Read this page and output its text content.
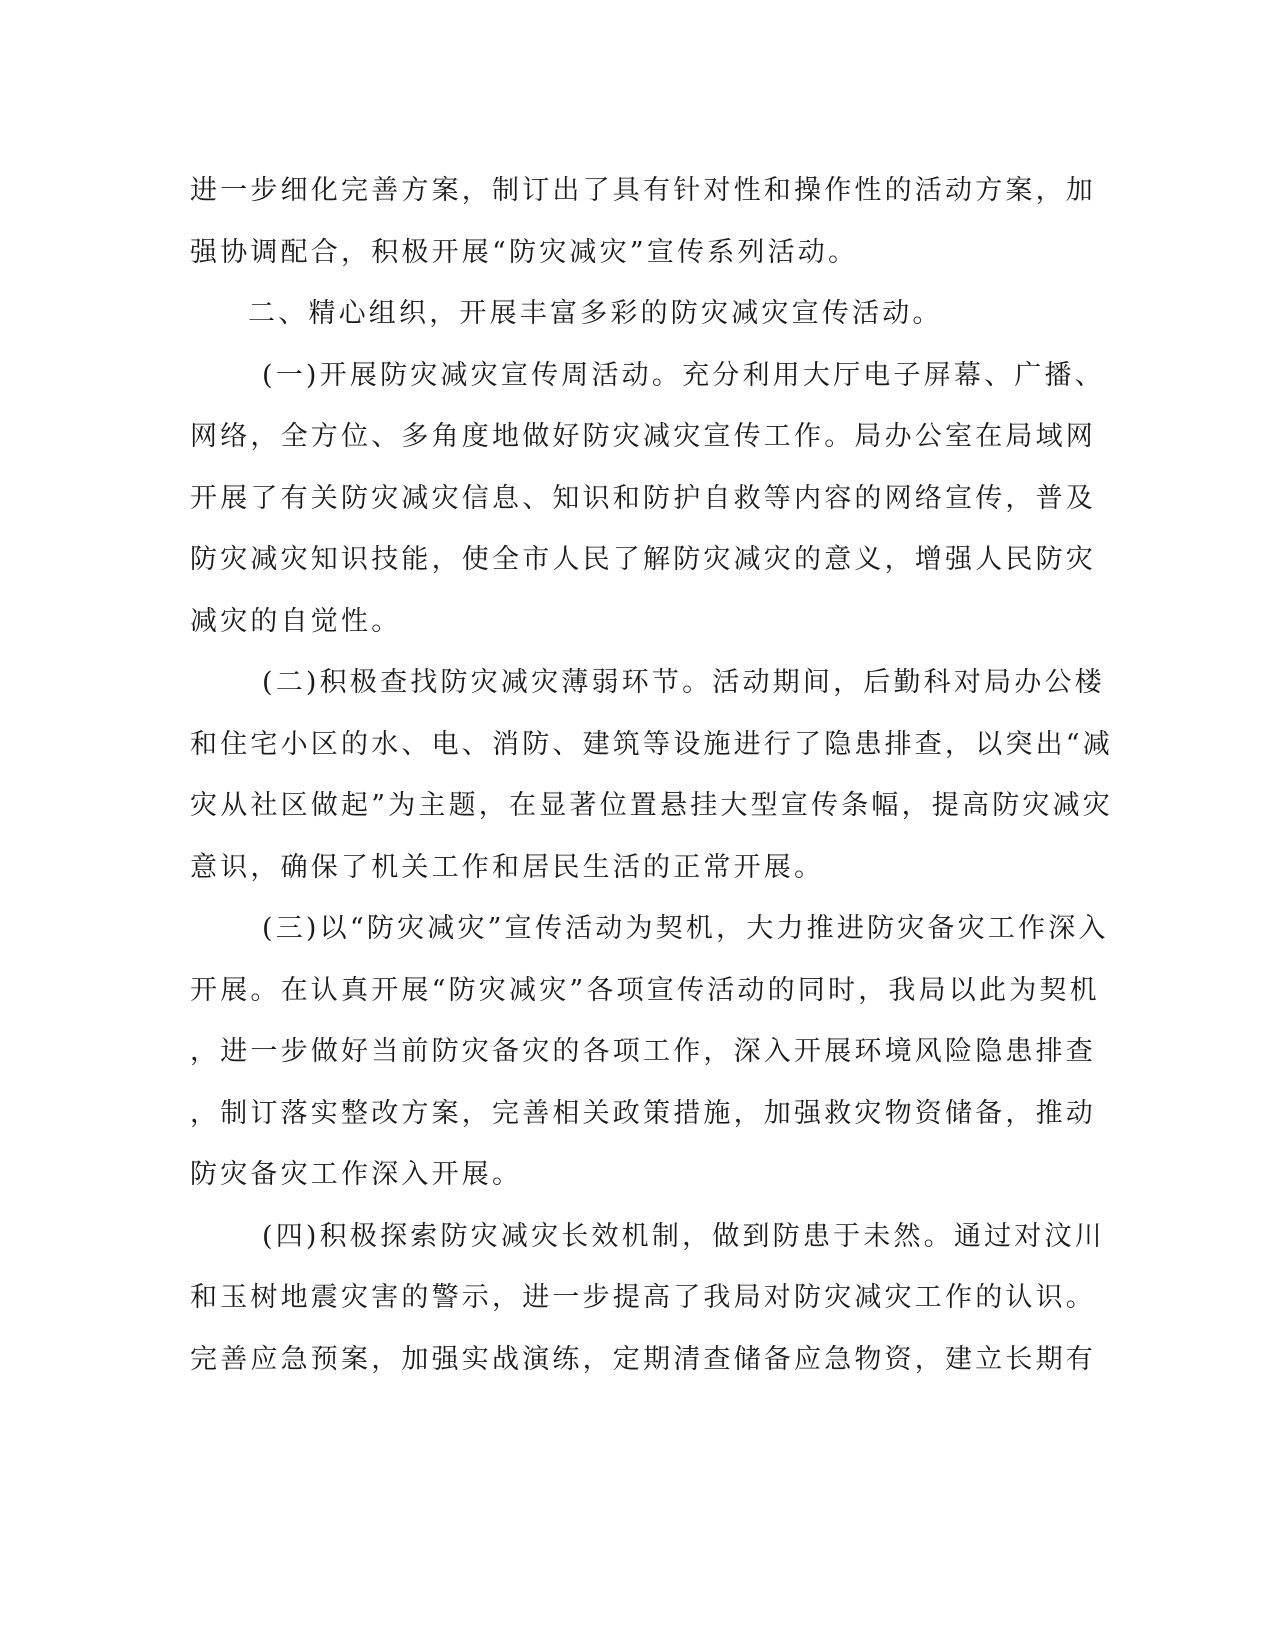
进一步细化完善方案，制订出了具有针对性和操作性的活动方案，加
强协调配合，积极开展“防灾减灾”宣传系列活动。
二、精心组织，开展丰富多彩的防灾减灾宣传活动。
(一)开展防灾减灾宣传周活动。充分利用大厅电子屏幕、广播、
网络，全方位、多角度地做好防灾减灾宣传工作。局办公室在局域网
开展了有关防灾减灾信息、知识和防护自救等内容的网络宣传，普及
防灾减灾知识技能，使全市人民了解防灾减灾的意义，增强人民防灾
减灾的自觉性。
(二)积极查找防灾减灾薄弱环节。活动期间，后勤科对局办公楼
和住宅小区的水、电、消防、建筑等设施进行了隐患排查，以突出“减
灾从社区做起”为主题，在显著位置悬挂大型宣传条幅，提高防灾减灾
意识，确保了机关工作和居民生活的正常开展。
(三)以“防灾减灾”宣传活动为契机，大力推进防灾备灾工作深入
开展。在认真开展“防灾减灾”各项宣传活动的同时，我局以此为契机
，进一步做好当前防灾备灾的各项工作，深入开展环境风险隐患排查
，制订落实整改方案，完善相关政策措施，加强救灾物资储备，推动
防灾备灾工作深入开展。
(四)积极探索防灾减灾长效机制，做到防患于未然。通过对汶川
和玉树地震灾害的警示，进一步提高了我局对防灾减灾工作的认识。
完善应急预案，加强实战演练，定期清查储备应急物资，建立长期有
